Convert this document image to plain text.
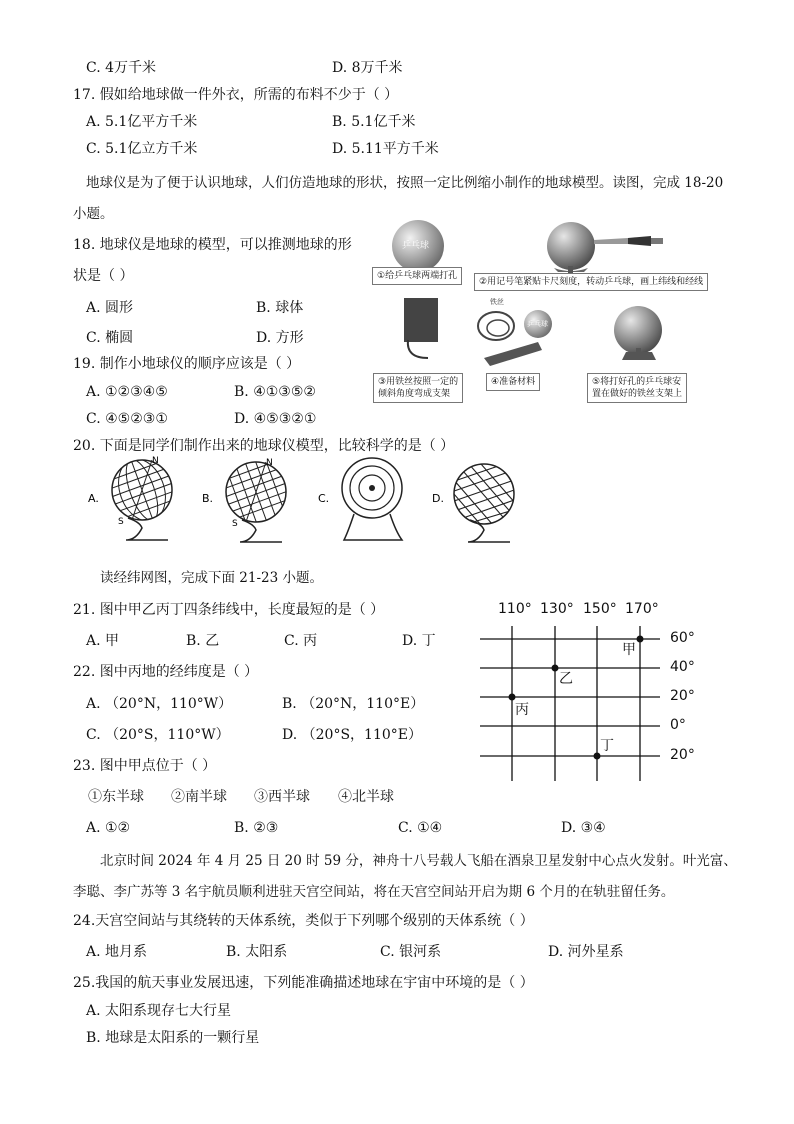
C. 4万千米	D. 8万千米
17. 假如给地球做一件外衣，所需的布料不少于（ ）
A. 5.1亿平方千米	B. 5.1亿千米
C. 5.1亿立方千米	D. 5.11平方千米
地球仪是为了便于认识地球，人们仿造地球的形状，按照一定比例缩小制作的地球模型。读图，完成 18-20
小题。
18. 地球仪是地球的模型，可以推测地球的形
状是（ ）
A. 圆形	B. 球体
C. 椭圆	D. 方形
19. 制作小地球仪的顺序应该是（ ）
A. ①②③④⑤	B. ④①③⑤②
C. ④⑤②③①	D. ④⑤③②①
乒乓球
乒乓球
铁丝
①给乒乓球两端打孔
②用记号笔紧贴卡尺刻度，转动乒乓球，画上纬线和经线
③用铁丝按照一定的
倾斜角度弯成支架
④准备材料	⑤将打好孔的乒乓球安
置在做好的铁丝支架上
20. 下面是同学们制作出来的地球仪模型，比较科学的是（ ）
A.
N
S
B.
N
S
C.	D.
读经纬网图，完成下面 21-23 小题。
21. 图中甲乙丙丁四条纬线中，长度最短的是（ ）
A. 甲	B. 乙	C. 丙	D. 丁
22. 图中丙地的经纬度是（ ）
A. （20°N，110°W）	B. （20°N，110°E）
C. （20°S，110°W）	D. （20°S，110°E）
23. 图中甲点位于（ ）
①东半球 ②南半球 ③西半球 ④北半球
A. ①②	B. ②③	C. ①④	D. ③④
110° 130° 150° 170°
60°
40°
20°
0°
20°
甲
乙
丙
丁
北京时间 2024 年 4 月 25 日 20 时 59 分，神舟十八号载人飞船在酒泉卫星发射中心点火发射。叶光富、
李聪、李广苏等 3 名宇航员顺利进驻天宫空间站，将在天宫空间站开启为期 6 个月的在轨驻留任务。
24.天宫空间站与其绕转的天体系统，类似于下列哪个级别的天体系统（ ）
A. 地月系	B. 太阳系	C. 银河系	D. 河外星系
25.我国的航天事业发展迅速，下列能准确描述地球在宇宙中环境的是（ ）
A. 太阳系现存七大行星
B. 地球是太阳系的一颗行星
